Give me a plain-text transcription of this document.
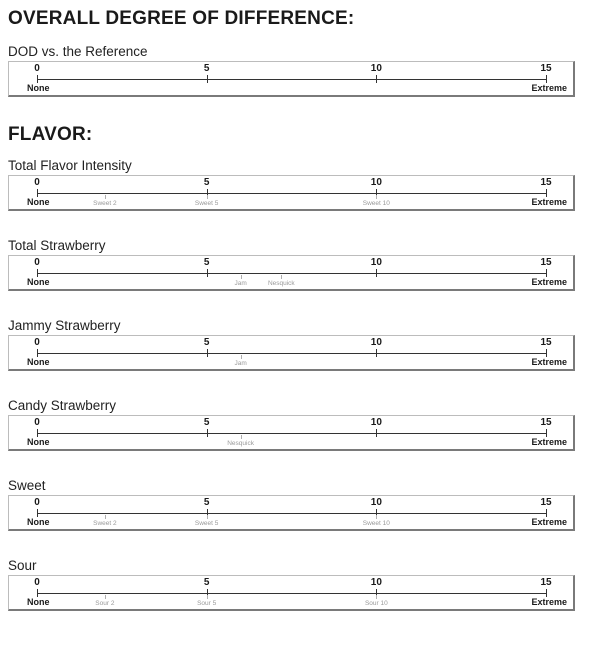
OVERALL DEGREE OF DIFFERENCE:
FLAVOR:
DOD vs. the Reference
0	5	10	15
None	Extreme
Total Flavor Intensity
0	5	10	15
None	Extreme
Sweet 2	Sweet 5	Sweet 10
Total Strawberry
0	5	10	15
None	Extreme
Jam	Nesquick
Jammy Strawberry
0	5	10	15
None	Extreme
Jam
Candy Strawberry
0	5	10	15
None	Extreme
Nesquick
Sweet
0	5	10	15
None	Extreme
Sweet 2	Sweet 5	Sweet 10
Sour
0	5	10	15
None	Extreme
Sour 2	Sour 5	Sour 10
